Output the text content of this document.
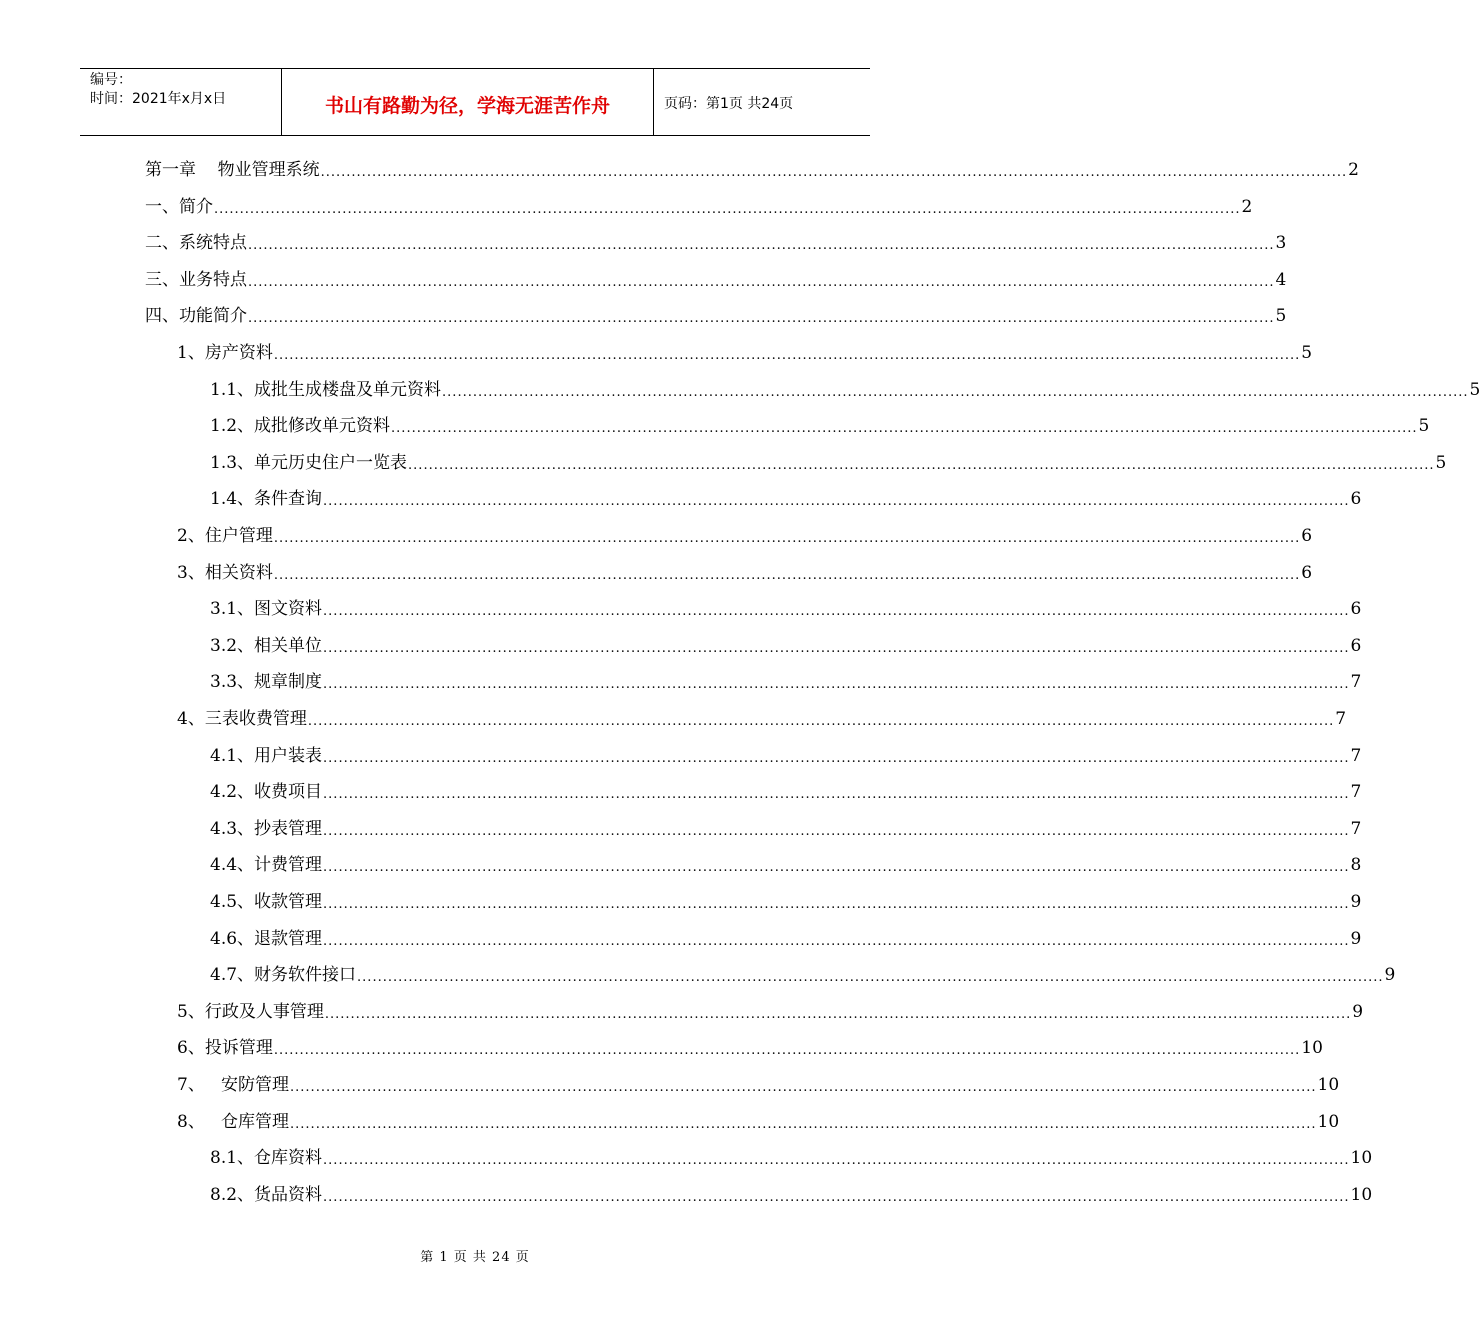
编号：
时间：2021年x月x日	书山有路勤为径，学海无涯苦作舟	页码：第1页 共24页
第一章    物业管理系统 ........................................................................................................................................................................................................ 2
一、简介 ........................................................................................................................................................................................................ 2
二、系统特点 ........................................................................................................................................................................................................ 3
三、业务特点 ........................................................................................................................................................................................................ 4
四、功能简介 ........................................................................................................................................................................................................ 5
1、房产资料 ........................................................................................................................................................................................................ 5
1.1、成批生成楼盘及单元资料 ........................................................................................................................................................................................................ 5
1.2、成批修改单元资料 ........................................................................................................................................................................................................ 5
1.3、单元历史住户一览表 ........................................................................................................................................................................................................ 5
1.4、条件查询 ........................................................................................................................................................................................................ 6
2、住户管理 ........................................................................................................................................................................................................ 6
3、相关资料 ........................................................................................................................................................................................................ 6
3.1、图文资料 ........................................................................................................................................................................................................ 6
3.2、相关单位 ........................................................................................................................................................................................................ 6
3.3、规章制度 ........................................................................................................................................................................................................ 7
4、三表收费管理 ........................................................................................................................................................................................................ 7
4.1、用户装表 ........................................................................................................................................................................................................ 7
4.2、收费项目 ........................................................................................................................................................................................................ 7
4.3、抄表管理 ........................................................................................................................................................................................................ 7
4.4、计费管理 ........................................................................................................................................................................................................ 8
4.5、收款管理 ........................................................................................................................................................................................................ 9
4.6、退款管理 ........................................................................................................................................................................................................ 9
4.7、财务软件接口 ........................................................................................................................................................................................................ 9
5、行政及人事管理 ........................................................................................................................................................................................................ 9
6、投诉管理 ........................................................................................................................................................................................................ 10
7、   安防管理 ........................................................................................................................................................................................................ 10
8、   仓库管理 ........................................................................................................................................................................................................ 10
8.1、仓库资料 ........................................................................................................................................................................................................ 10
8.2、货品资料 ........................................................................................................................................................................................................ 10
第 1 页 共 24 页
